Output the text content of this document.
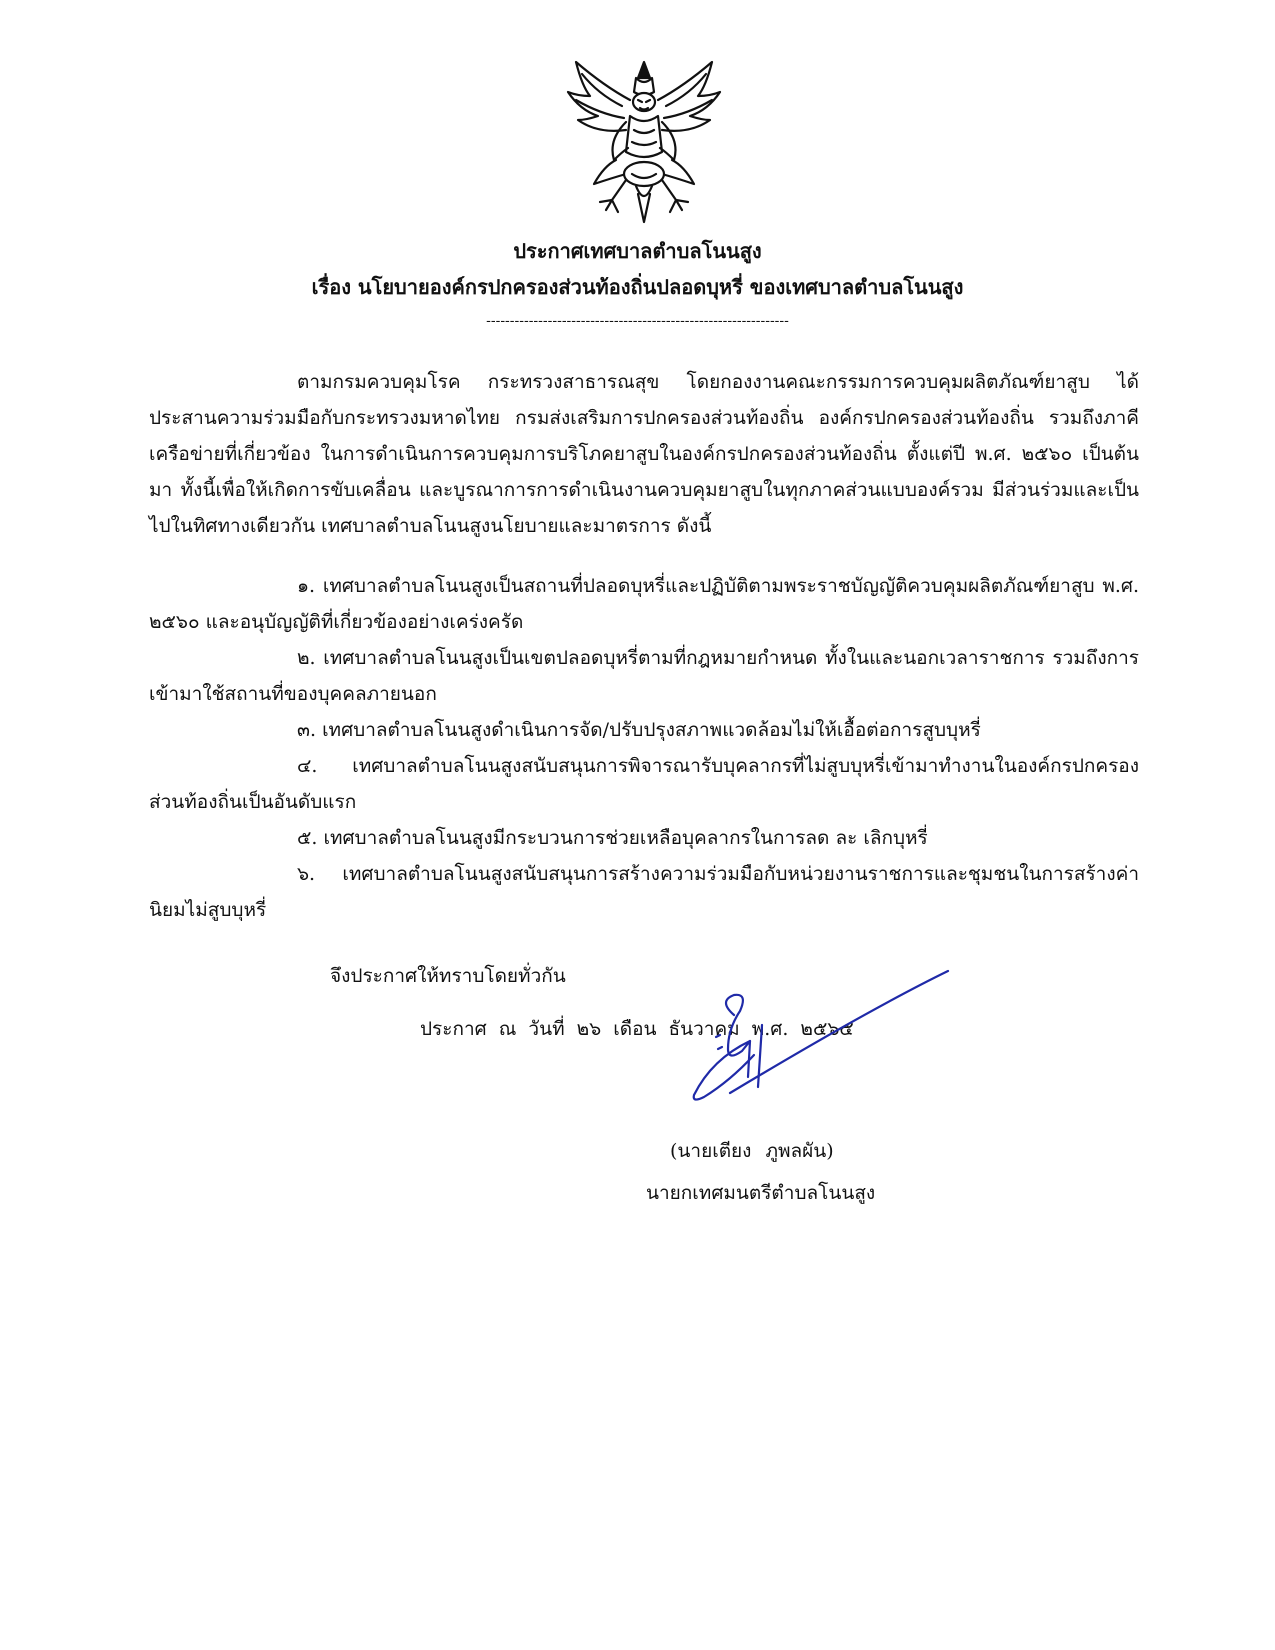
ประกาศเทศบาลตำบลโนนสูง
เรื่อง นโยบายองค์กรปกครองส่วนท้องถิ่นปลอดบุหรี่ ของเทศบาลตำบลโนนสูง
----------------------------------------------------------------

ตามกรมควบคุมโรค กระทรวงสาธารณสุข โดยกองงานคณะกรรมการควบคุมผลิตภัณฑ์ยาสูบ ได้ประสานความร่วมมือกับกระทรวงมหาดไทย กรมส่งเสริมการปกครองส่วนท้องถิ่น องค์กรปกครองส่วนท้องถิ่น รวมถึงภาคีเครือข่ายที่เกี่ยวข้อง ในการดำเนินการควบคุมการบริโภคยาสูบในองค์กรปกครองส่วนท้องถิ่น ตั้งแต่ปี พ.ศ. ๒๕๖๐ เป็นต้นมา ทั้งนี้เพื่อให้เกิดการขับเคลื่อน และบูรณาการการดำเนินงานควบคุมยาสูบในทุกภาคส่วนแบบองค์รวม มีส่วนร่วมและเป็นไปในทิศทางเดียวกัน เทศบาลตำบลโนนสูงนโยบายและมาตรการ ดังนี้

๑. เทศบาลตำบลโนนสูงเป็นสถานที่ปลอดบุหรี่และปฏิบัติตามพระราชบัญญัติควบคุมผลิตภัณฑ์ยาสูบ พ.ศ. ๒๕๖๐ และอนุบัญญัติที่เกี่ยวข้องอย่างเคร่งครัด

๒. เทศบาลตำบลโนนสูงเป็นเขตปลอดบุหรี่ตามที่กฎหมายกำหนด ทั้งในและนอกเวลาราชการ รวมถึงการเข้ามาใช้สถานที่ของบุคคลภายนอก

๓. เทศบาลตำบลโนนสูงดำเนินการจัด/ปรับปรุงสภาพแวดล้อมไม่ให้เอื้อต่อการสูบบุหรี่

๔. เทศบาลตำบลโนนสูงสนับสนุนการพิจารณารับบุคลากรที่ไม่สูบบุหรี่เข้ามาทำงานในองค์กรปกครองส่วนท้องถิ่นเป็นอันดับแรก

๕. เทศบาลตำบลโนนสูงมีกระบวนการช่วยเหลือบุคลากรในการลด ละ เลิกบุหรี่

๖. เทศบาลตำบลโนนสูงสนับสนุนการสร้างความร่วมมือกับหน่วยงานราชการและชุมชนในการสร้างค่านิยมไม่สูบบุหรี่

จึงประกาศให้ทราบโดยทั่วกัน
ประกาศ ณ วันที่ ๒๖ เดือน ธันวาคม พ.ศ. ๒๕๖๕
(นายเตียง ภูพลผัน)
นายกเทศมนตรีตำบลโนนสูง
